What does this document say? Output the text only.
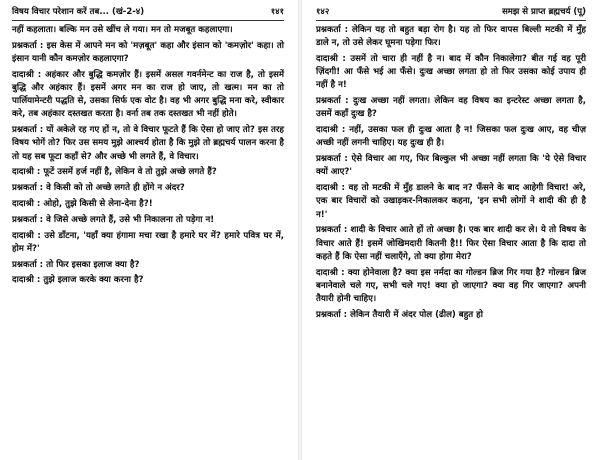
विषय विचार परेशान करें तब... (खं-2-४)	१४१

नहीं कहलाता। बल्कि मन उसे खींच ले गया। मन तो मजबूत कहलाएगा।

प्रश्नकर्ता : इस केस में आपने मन को 'मज़बूत' कहा और इंसान को 'कमज़ोर' कहा। तो इंसान यानी कौन कमज़ोर कहलाएगा?

दादाश्री : अहंकार और बुद्धि कमज़ोर हैं। इसमें असल गवर्नमेन्ट का राज है, तो इसमें बुद्धि और अहंकार हैं। इसमें अगर मन का राज हो जाए, तो खत्म। मन का तो पार्लियामेन्टरी पद्धति से, उसका सिर्फ एक वोट है। वह भी अगर बुद्धि मना करे, स्वीकार करे, तब अहंकार दस्तखत करता है। वर्ना तब तक दस्तखत भी नहीं होते।

प्रश्नकर्ता : यों अकेले रह गए हों न, तो वे विचार फूटते हैं कि ऐसा हो जाए तो? इस तरह विषय भोगें तो? फिर उस समय मुझे आश्चर्य होता है कि मुझे तो ब्रह्मचर्य पालन करना है तो यह सब फूटा कहाँ से? और अच्छे भी लगते हैं, वे विचार।

दादाश्री : फूटें उसमें हर्ज नहीं है, लेकिन वे तो तुझे अच्छे लगते हैं?

प्रश्नकर्ता : वे किसी को तो अच्छे लगते ही होंगे न अंदर?

दादाश्री : ओहो, तुझे किसी से लेना-देना है?!

प्रश्नकर्ता : वे जिसे अच्छे लगते हैं, उसे भी निकालना तो पड़ेगा न!

दादाश्री : उसे डाँटना, 'यहाँ क्या हंगामा मचा रखा है हमारे घर में? हमारे पवित्र घर में, होम में?'

प्रश्नकर्ता : तो फिर इसका इलाज क्या है?

दादाश्री : तुझे इलाज करके क्या करना है?

१४२	समझ से प्राप्त ब्रह्मचर्य (पू)

प्रश्नकर्ता : लेकिन यह तो बहुत बड़ा रोग है। यह तो फिर वापस बिल्ली मटकी में मुँह डाले न, तो उसे लेकर घूमना पड़ेगा फिर।

दादाश्री : उसमें तो चारा ही नहीं है न। बाद में कौन निकालेगा? बीत गई वह पूरी ज़िंदगी! आ फँसे भई आ फँसे। दुःख अच्छा लगता हो तो फिर उसका कोई उपाय ही नहीं है न!

प्रश्नकर्ता : दुःख अच्छा नहीं लगता। लेकिन वह विषय का इन्टरेस्ट अच्छा लगता है, उसमें कहाँ दुःख है?

दादाश्री : नहीं, उसका फल ही दुःख आता है न! जिसका फल दुःख आए, वह चीज़ अच्छी नहीं लगनी चाहिए। यह दुःख ही है।

प्रश्नकर्ता : ऐसे विचार आ गए, फिर बिल्कुल भी अच्छा नहीं लगता कि 'ये ऐसे विचार क्यों आए?'

दादाश्री : वह तो मटकी में मुँह डालने के बाद न? फँसने के बाद आहेगी विचार! अरे, एक बार विचारों को उखाड़कर-निकालकर कहना, 'इन सभी लोगों ने शादी की ही है न!'

प्रश्नकर्ता : शादी के विचार आते हों तो अच्छा है। एक बार शादी कर ले। ये तो विषय के विचार आते हैं! इसमें जोखिमदारी कितनी है!! फिर ऐसा विचार आता है कि दादा तो कहते हैं कि ऐसा नहीं चलाएँगे, तो क्या होगा मेरा?

दादाश्री : क्या होनेवाला है? क्या इस नर्मदा का गोल्डन ब्रिज गिर गया है? गोल्डन ब्रिज बनानेवाले चले गए, सभी चले गए! क्या हो जाएगा? क्या वह गिर जाएगा? अपनी तैयारी होनी चाहिए।

प्रश्नकर्ता : लेकिन तैयारी में अंदर पोल (ढील) बहुत हो
